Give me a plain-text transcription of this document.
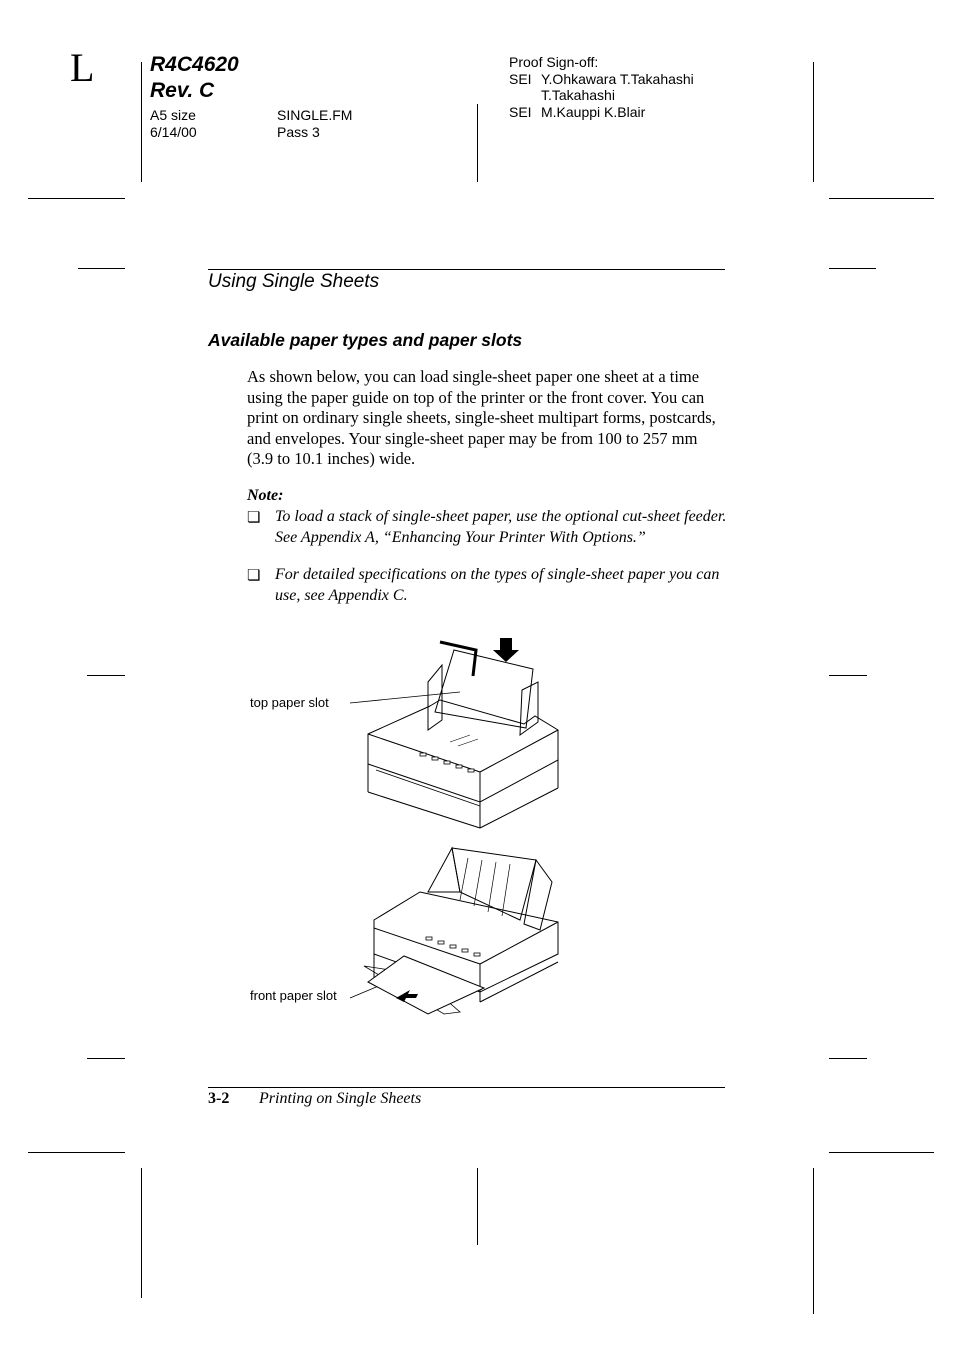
L	R4C4620
Rev. C
A5 size
6/14/00
SINGLE.FM
Pass 3
Proof Sign-off:
SEI Y.Ohkawara T.Takahashi
T.Takahashi
SEI M.Kauppi K.Blair
Using Single Sheets
Available paper types and paper slots
As shown below, you can load single-sheet paper one sheet at a time using the paper guide on top of the printer or the front cover. You can print on ordinary single sheets, single-sheet multipart forms, postcards, and envelopes. Your single-sheet paper may be from 100 to 257 mm (3.9 to 10.1 inches) wide.
Note:
❏ To load a stack of single-sheet paper, use the optional cut-sheet feeder. See Appendix A, “Enhancing Your Printer With Options.”
❏ For detailed specifications on the types of single-sheet paper you can use, see Appendix C.
top paper slot
front paper slot
3-2 Printing on Single Sheets
